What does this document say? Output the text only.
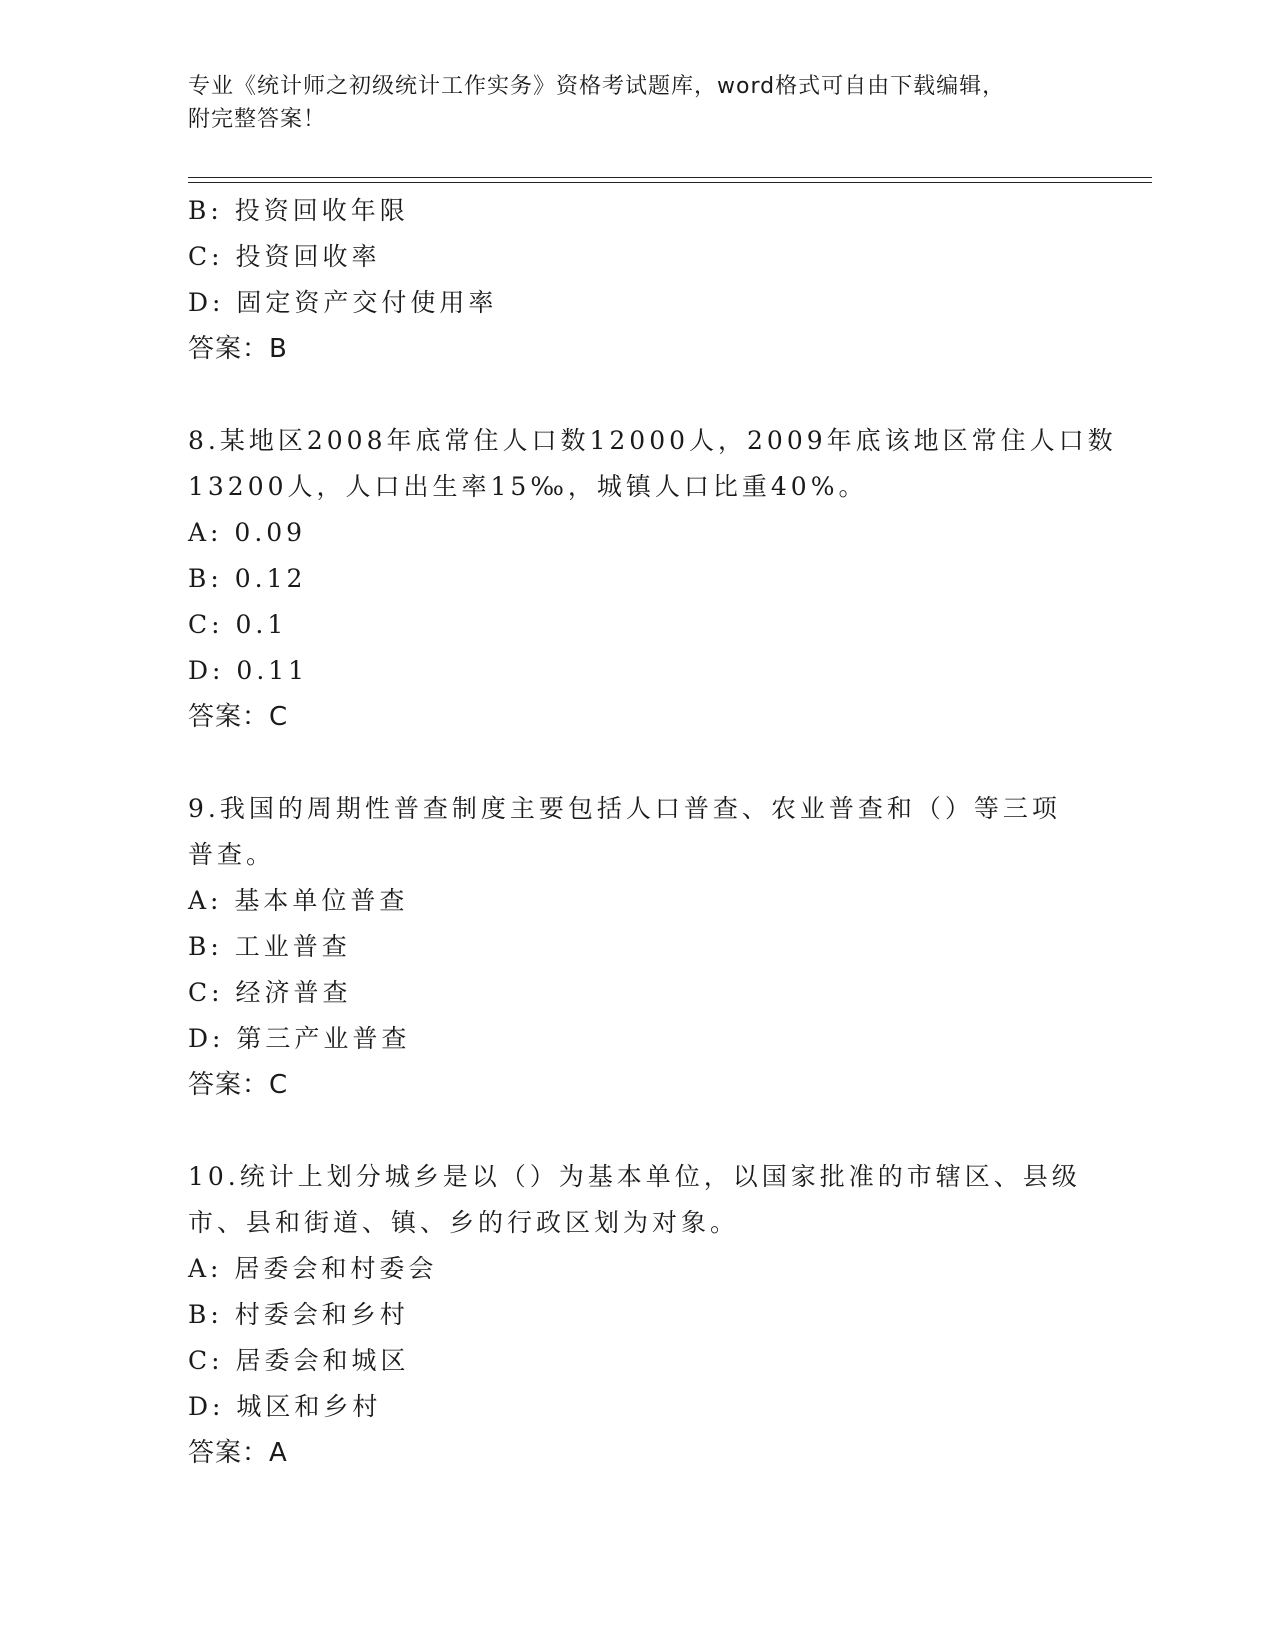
专业《统计师之初级统计工作实务》资格考试题库，word格式可自由下载编辑，
附完整答案！
B: 投资回收年限
C: 投资回收率
D: 固定资产交付使用率
答案：B
8.某地区2008年底常住人口数12000人，2009年底该地区常住人口数
13200人，人口出生率15‰，城镇人口比重40%。
A: 0.09
B: 0.12
C: 0.1
D: 0.11
答案：C
9.我国的周期性普查制度主要包括人口普查、农业普查和（）等三项
普查。
A: 基本单位普查
B: 工业普查
C: 经济普查
D: 第三产业普查
答案：C
10.统计上划分城乡是以（）为基本单位，以国家批准的市辖区、县级
市、县和街道、镇、乡的行政区划为对象。
A: 居委会和村委会
B: 村委会和乡村
C: 居委会和城区
D: 城区和乡村
答案：A
